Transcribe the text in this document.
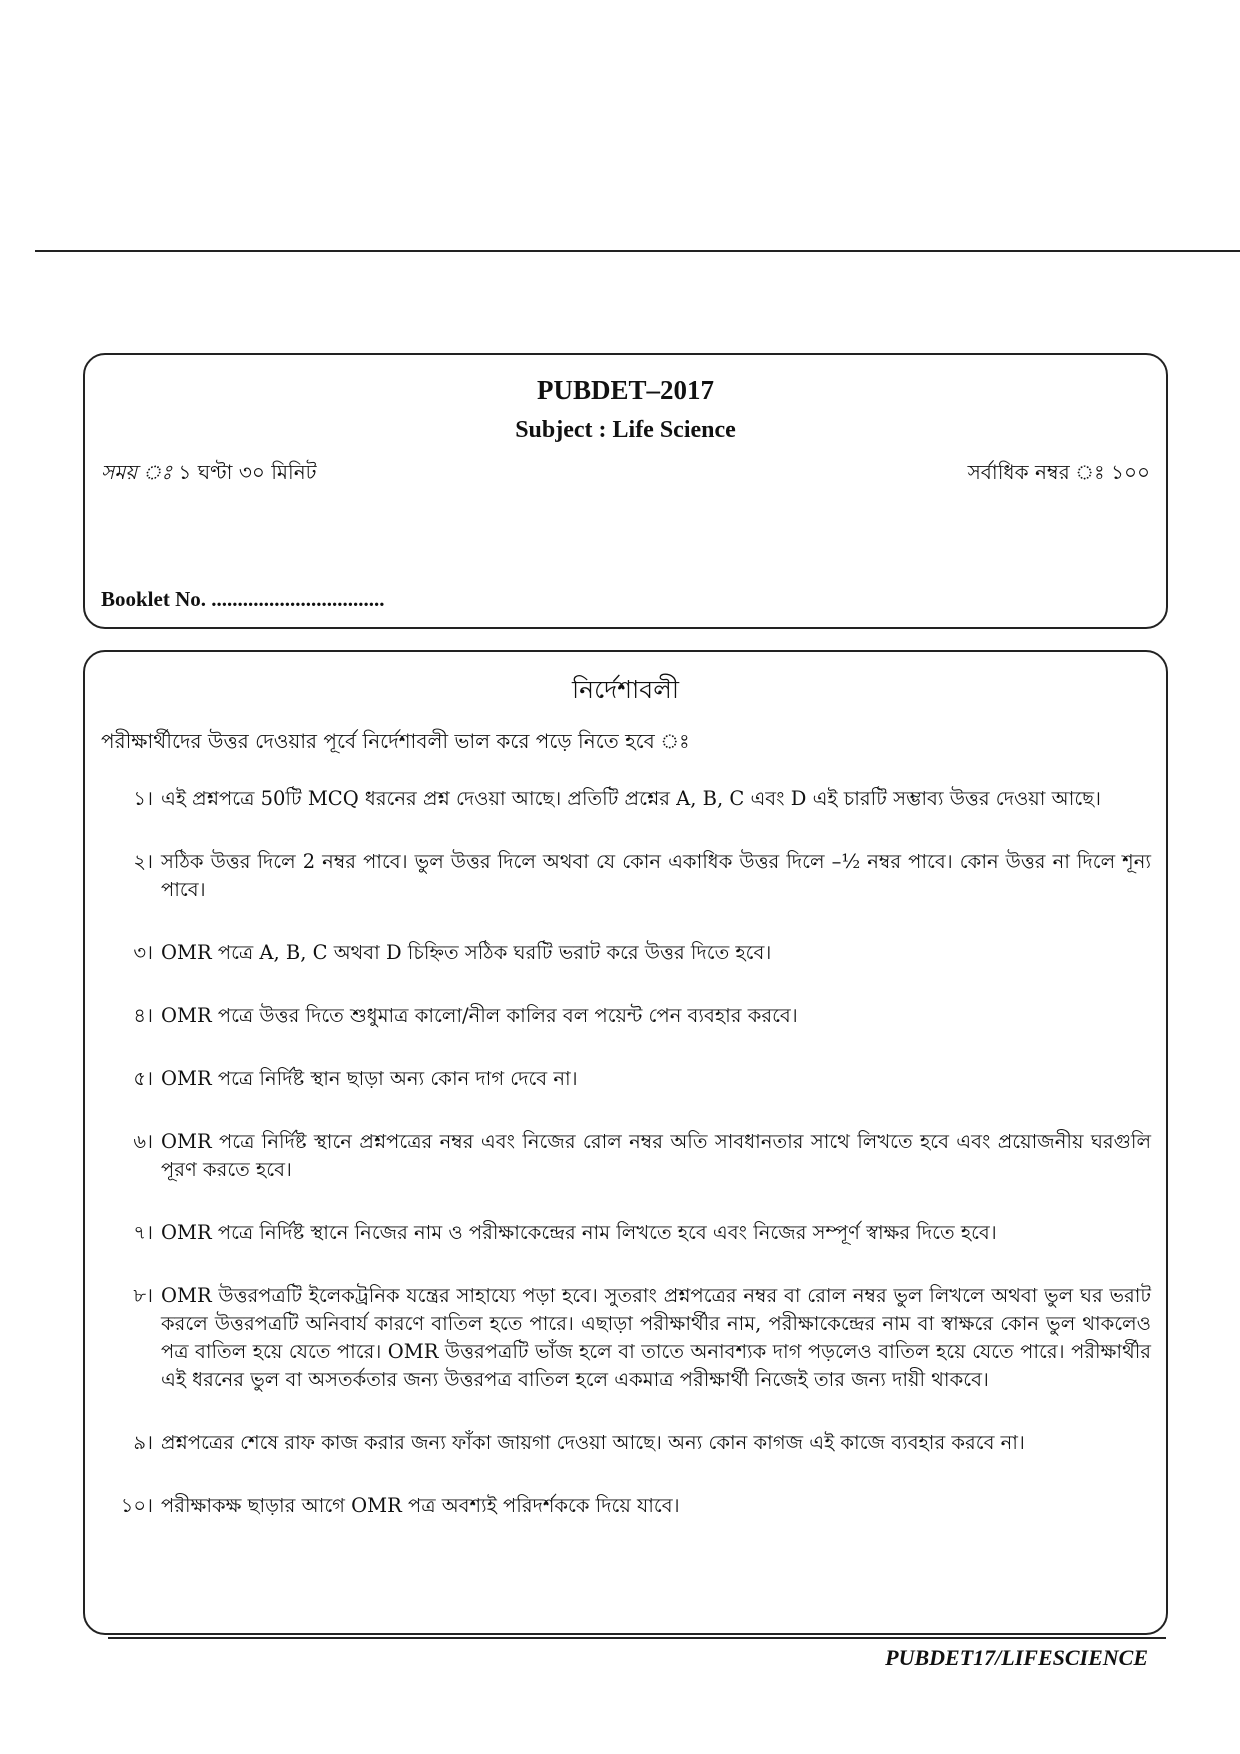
PUBDET–2017
Subject : Life Science
সময় ঃ ১ ঘণ্টা ৩০ মিনিট	সর্বাধিক নম্বর ঃ ১০০
Booklet No. .................................
নির্দেশাবলী
পরীক্ষার্থীদের উত্তর দেওয়ার পূর্বে নির্দেশাবলী ভাল করে পড়ে নিতে হবে ঃ
১। এই প্রশ্নপত্রে 50টি MCQ ধরনের প্রশ্ন দেওয়া আছে। প্রতিটি প্রশ্নের A, B, C এবং D এই চারটি সম্ভাব্য উত্তর দেওয়া আছে।
২। সঠিক উত্তর দিলে 2 নম্বর পাবে। ভুল উত্তর দিলে অথবা যে কোন একাধিক উত্তর দিলে –½ নম্বর পাবে। কোন উত্তর না দিলে শূন্য পাবে।
৩। OMR পত্রে A, B, C অথবা D চিহ্নিত সঠিক ঘরটি ভরাট করে উত্তর দিতে হবে।
৪। OMR পত্রে উত্তর দিতে শুধুমাত্র কালো/নীল কালির বল পয়েন্ট পেন ব্যবহার করবে।
৫। OMR পত্রে নির্দিষ্ট স্থান ছাড়া অন্য কোন দাগ দেবে না।
৬। OMR পত্রে নির্দিষ্ট স্থানে প্রশ্নপত্রের নম্বর এবং নিজের রোল নম্বর অতি সাবধানতার সাথে লিখতে হবে এবং প্রয়োজনীয় ঘরগুলি পূরণ করতে হবে।
৭। OMR পত্রে নির্দিষ্ট স্থানে নিজের নাম ও পরীক্ষাকেন্দ্রের নাম লিখতে হবে এবং নিজের সম্পূর্ণ স্বাক্ষর দিতে হবে।
৮। OMR উত্তরপত্রটি ইলেকট্রনিক যন্ত্রের সাহায্যে পড়া হবে। সুতরাং প্রশ্নপত্রের নম্বর বা রোল নম্বর ভুল লিখলে অথবা ভুল ঘর ভরাট করলে উত্তরপত্রটি অনিবার্য কারণে বাতিল হতে পারে। এছাড়া পরীক্ষার্থীর নাম, পরীক্ষাকেন্দ্রের নাম বা স্বাক্ষরে কোন ভুল থাকলেও পত্র বাতিল হয়ে যেতে পারে। OMR উত্তরপত্রটি ভাঁজ হলে বা তাতে অনাবশ্যক দাগ পড়লেও বাতিল হয়ে যেতে পারে। পরীক্ষার্থীর এই ধরনের ভুল বা অসতর্কতার জন্য উত্তরপত্র বাতিল হলে একমাত্র পরীক্ষার্থী নিজেই তার জন্য দায়ী থাকবে।
৯। প্রশ্নপত্রের শেষে রাফ কাজ করার জন্য ফাঁকা জায়গা দেওয়া আছে। অন্য কোন কাগজ এই কাজে ব্যবহার করবে না।
১০। পরীক্ষাকক্ষ ছাড়ার আগে OMR পত্র অবশ্যই পরিদর্শককে দিয়ে যাবে।
PUBDET17/LIFESCIENCE
